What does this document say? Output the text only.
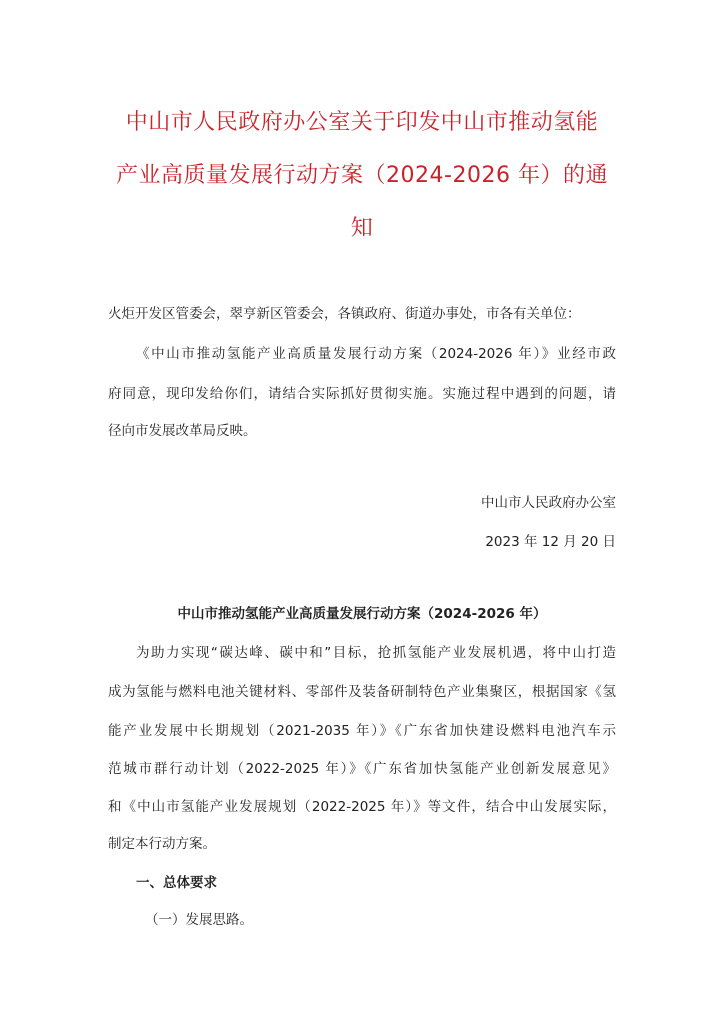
中山市人民政府办公室关于印发中山市推动氢能
产业高质量发展行动方案（2024-2026 年）的通
知
火炬开发区管委会，翠亨新区管委会，各镇政府、街道办事处，市各有关单位：
《中山市推动氢能产业高质量发展行动方案（2024-2026 年）》业经市政
府同意，现印发给你们，请结合实际抓好贯彻实施。实施过程中遇到的问题，请
径向市发展改革局反映。
中山市人民政府办公室
2023 年 12 月 20 日
中山市推动氢能产业高质量发展行动方案（2024-2026 年）
为助力实现“碳达峰、碳中和”目标，抢抓氢能产业发展机遇，将中山打造
成为氢能与燃料电池关键材料、零部件及装备研制特色产业集聚区，根据国家《氢
能产业发展中长期规划（2021-2035 年）》《广东省加快建设燃料电池汽车示
范城市群行动计划（2022-2025 年）》《广东省加快氢能产业创新发展意见》
和《中山市氢能产业发展规划（2022-2025 年）》等文件，结合中山发展实际，
制定本行动方案。
一、总体要求
（一）发展思路。
